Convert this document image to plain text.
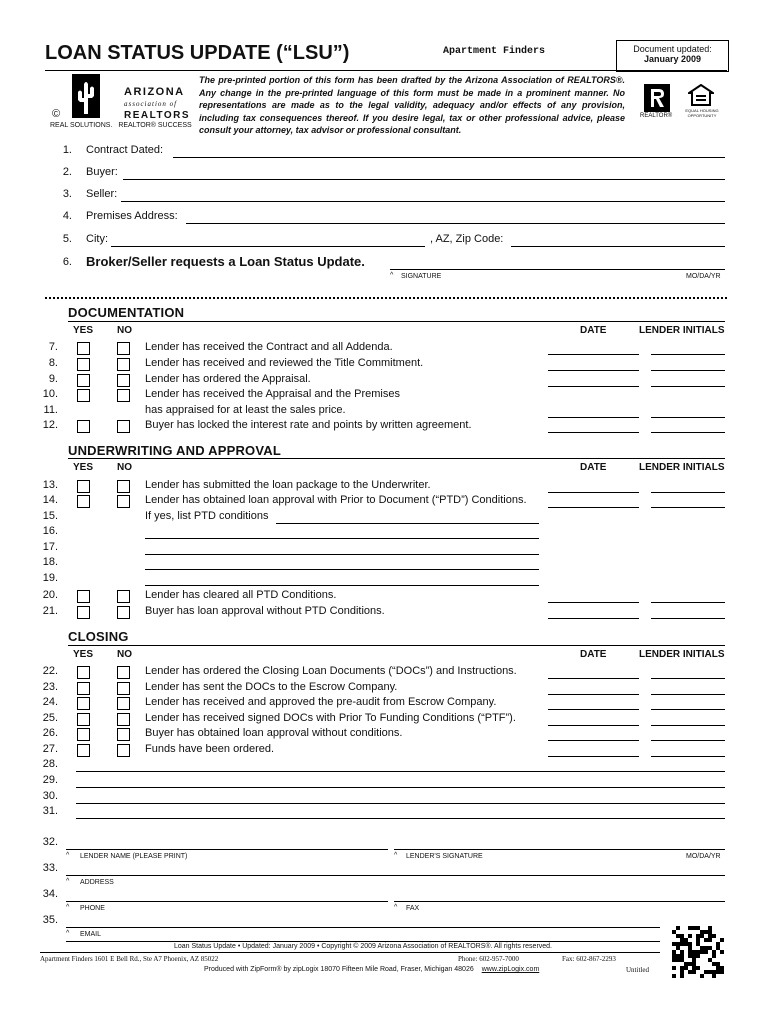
LOAN STATUS UPDATE (“LSU”)	Apartment Finders	Document updated:
January 2009
ARIZONA
association of
REALTORS
©
REAL SOLUTIONS. REALTOR® SUCCESS
The pre-printed portion of this form has been drafted by the Arizona Association of REALTORS®. Any change in the pre-printed language of this form must be made in a prominent manner. No representations are made as to the legal validity, adequacy and/or effects of any provision, including tax consequences thereof. If you desire legal, tax or other professional advice, please consult your attorney, tax advisor or professional consultant.
REALTOR®
EQUAL HOUSING OPPORTUNITY
1. Contract Dated:
2. Buyer:
3. Seller:
4. Premises Address:
5. City:	, AZ, Zip Code:
6. Broker/Seller requests a Loan Status Update.
^ SIGNATURE	MO/DA/YR
DOCUMENTATION
YES NO	DATE	LENDER INITIALS
7.	Lender has received the Contract and all Addenda.
8.	Lender has received and reviewed the Title Commitment.
9.	Lender has ordered the Appraisal.
10.	Lender has received the Appraisal and the Premises
11.	has appraised for at least the sales price.
12.	Buyer has locked the interest rate and points by written agreement.
UNDERWRITING AND APPROVAL
YES NO	DATE	LENDER INITIALS
13.	Lender has submitted the loan package to the Underwriter.
14.	Lender has obtained loan approval with Prior to Document (“PTD”) Conditions.
15.	If yes, list PTD conditions
16.
17.
18.
19.
20.	Lender has cleared all PTD Conditions.
21.	Buyer has loan approval without PTD Conditions.
CLOSING
YES NO	DATE	LENDER INITIALS
22.	Lender has ordered the Closing Loan Documents (“DOCs”) and Instructions.
23.	Lender has sent the DOCs to the Escrow Company.
24.	Lender has received and approved the pre-audit from Escrow Company.
25.	Lender has received signed DOCs with Prior To Funding Conditions (“PTF”).
26.	Buyer has obtained loan approval without conditions.
27.	Funds have been ordered.
28.
29.
30.
31.
32.
^ LENDER NAME (PLEASE PRINT)	^ LENDER'S SIGNATURE	MO/DA/YR
33.
^ ADDRESS
34.
^ PHONE	^ FAX
35.
^ EMAIL
Loan Status Update • Updated: January 2009 • Copyright © 2009 Arizona Association of REALTORS®. All rights reserved.
Apartment Finders 1601 E Bell Rd., Ste A7 Phoenix, AZ 85022	Phone: 602-957-7000	Fax: 602-867-2293
Produced with ZipForm® by zipLogix 18070 Fifteen Mile Road, Fraser, Michigan 48026 www.zipLogix.com	Untitled
